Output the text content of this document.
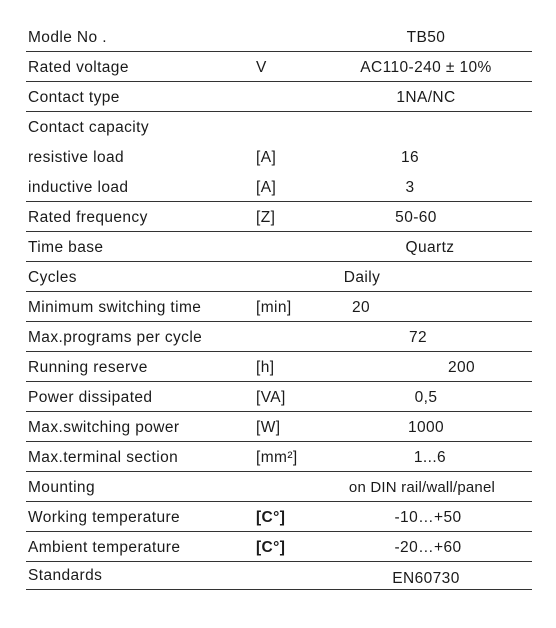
Modle No .	TB50
Rated voltage	V	AC110-240 ± 10%
Contact type	1NA/NC
Contact capacity
resistive load	[A]	16
inductive load	[A]	3
Rated frequency	[Z]	50-60
Time base	Quartz
Cycles	Daily
Minimum switching time	[min]	20
Max.programs per cycle	72
Running reserve	[h]	200
Power dissipated	[VA]	0,5
Max.switching power	[W]	1000
Max.terminal section	[mm²]	1...6
Mounting	on DIN rail/wall/panel
Working temperature	[C°]	-10…+50
Ambient temperature	[C°]	-20…+60
Standards	EN60730
